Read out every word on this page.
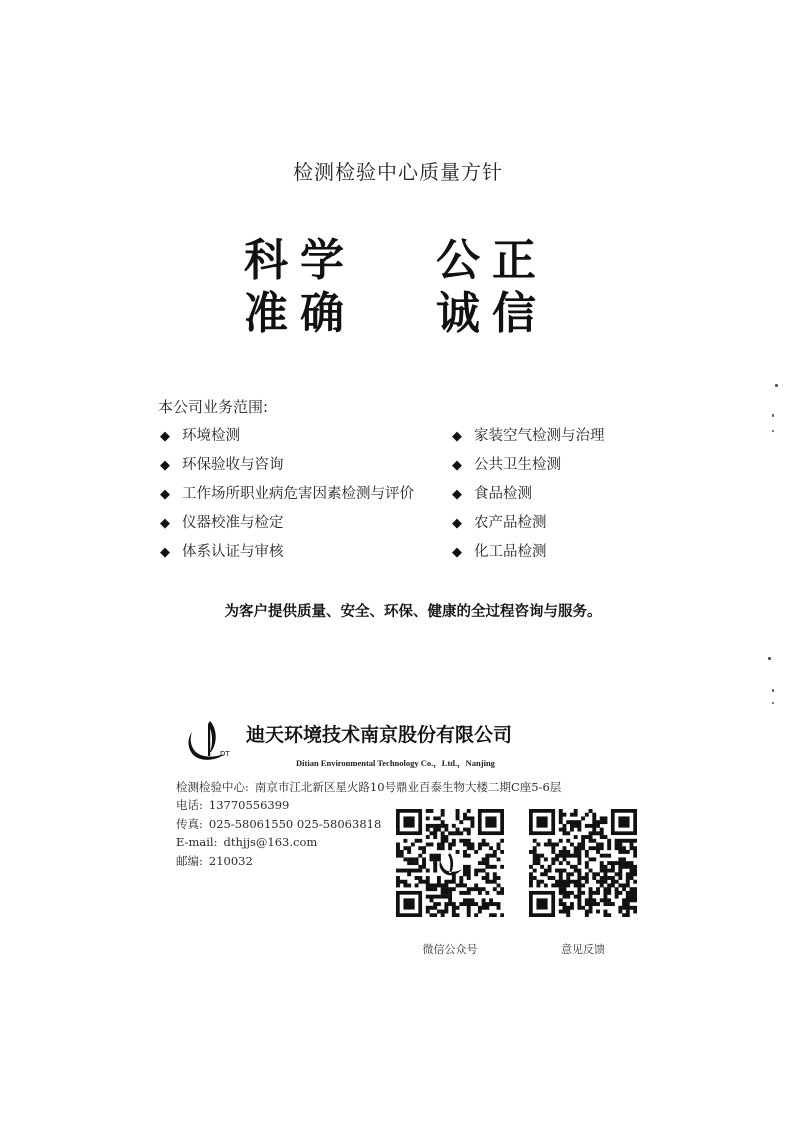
检测检验中心质量方针
科 学 公 正
准 确 诚 信
本公司业务范围:
◆ 环境检测
◆ 环保验收与咨询
◆ 工作场所职业病危害因素检测与评价
◆ 仪器校准与检定
◆ 体系认证与审核
◆ 家装空气检测与治理
◆ 公共卫生检测
◆ 食品检测
◆ 农产品检测
◆ 化工品检测
为客户提供质量、安全、环保、健康的全过程咨询与服务。
DT
迪天环境技术南京股份有限公司
Ditian Environmental Technology Co.，Ltd.，Nanjing
检测检验中心: 南京市江北新区星火路10号鼎业百泰生物大楼二期C座5-6层
电话: 13770556399
传真: 025-58061550 025-58063818
E-mail: dthjjs@163.com
邮编: 210032
微信公众号	意见反馈
